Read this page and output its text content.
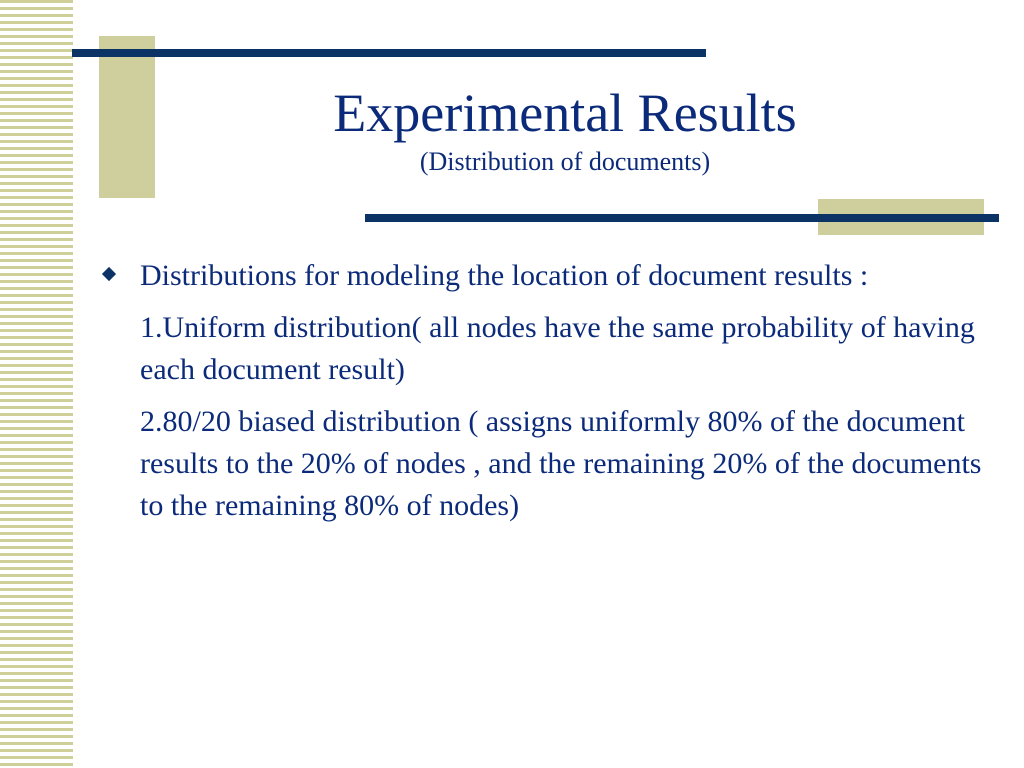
Experimental Results
(Distribution of documents)
Distributions for modeling the location of document results :
1.Uniform distribution( all nodes have the same probability of having each document result)
2.80/20 biased distribution ( assigns uniformly 80% of the document results to the 20% of nodes , and the remaining 20% of the documents to the remaining 80% of nodes)
